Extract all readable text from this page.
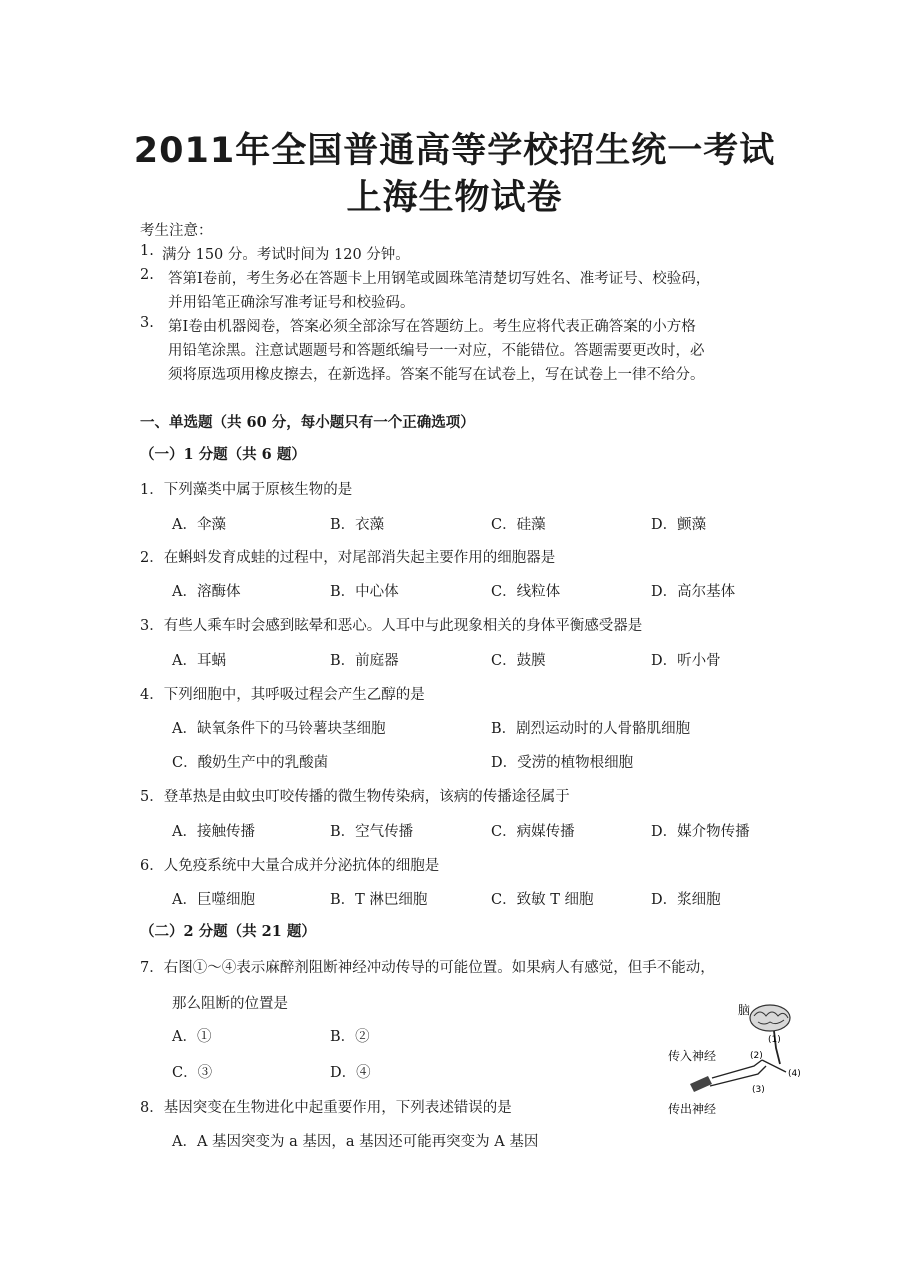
2011年全国普通高等学校招生统一考试
上海生物试卷
考生注意：
1. 满分 150 分。考试时间为 120 分钟。
2. 答第Ⅰ卷前，考生务必在答题卡上用钢笔或圆珠笔清楚切写姓名、准考证号、校验码，
并用铅笔正确涂写准考证号和校验码。
3. 第Ⅰ卷由机器阅卷，答案必须全部涂写在答题纺上。考生应将代表正确答案的小方格
用铅笔涂黑。注意试题题号和答题纸编号一一对应，不能错位。答题需要更改时，必
须将原选项用橡皮擦去，在新选择。答案不能写在试卷上，写在试卷上一律不给分。
一、单选题（共 60 分，每小题只有一个正确选项）
（一）1 分题（共 6 题）
1．下列藻类中属于原核生物的是
A．伞藻	B．衣藻	C．硅藻	D．颤藻
2．在蝌蚪发育成蛙的过程中，对尾部消失起主要作用的细胞器是
A．溶酶体	B．中心体	C．线粒体	D．高尔基体
3．有些人乘车时会感到眩晕和恶心。人耳中与此现象相关的身体平衡感受器是
A．耳蜗	B．前庭器	C．鼓膜	D．听小骨
4．下列细胞中，其呼吸过程会产生乙醇的是
A．缺氧条件下的马铃薯块茎细胞	B．剧烈运动时的人骨骼肌细胞
C．酸奶生产中的乳酸菌	D．受涝的植物根细胞
5．登革热是由蚊虫叮咬传播的微生物传染病，该病的传播途径属于
A．接触传播	B．空气传播	C．病媒传播	D．媒介物传播
6．人免疫系统中大量合成并分泌抗体的细胞是
A．巨噬细胞	B．T 淋巴细胞	C．致敏 T 细胞	D．浆细胞
（二）2 分题（共 21 题）
7．右图①～④表示麻醉剂阻断神经冲动传导的可能位置。如果病人有感觉，但手不能动，
那么阻断的位置是
A．①	B．②
C．③	D．④
脑
传入神经
传出神经
(1)
(2)
(3)
(4)
8．基因突变在生物进化中起重要作用，下列表述错误的是
A．A 基因突变为 a 基因，a 基因还可能再突变为 A 基因
